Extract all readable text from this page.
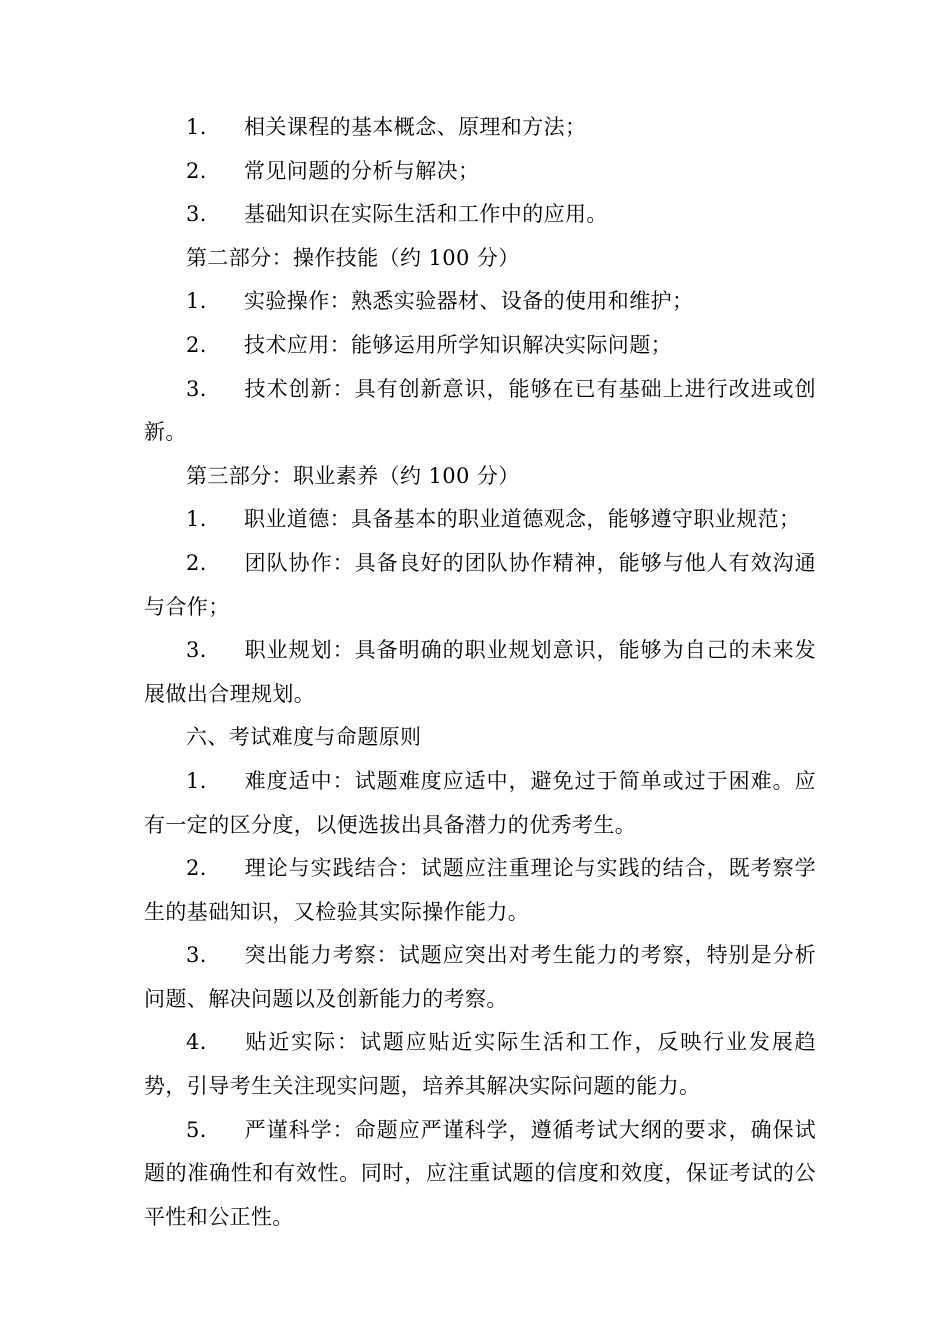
1. 相关课程的基本概念、原理和方法；

2. 常见问题的分析与解决；

3. 基础知识在实际生活和工作中的应用。

第二部分：操作技能（约 100 分）

1. 实验操作：熟悉实验器材、设备的使用和维护；

2. 技术应用：能够运用所学知识解决实际问题；

3. 技术创新：具有创新意识，能够在已有基础上进行改进或创新。

第三部分：职业素养（约 100 分）

1. 职业道德：具备基本的职业道德观念，能够遵守职业规范；

2. 团队协作：具备良好的团队协作精神，能够与他人有效沟通与合作；

3. 职业规划：具备明确的职业规划意识，能够为自己的未来发展做出合理规划。

六、考试难度与命题原则

1. 难度适中：试题难度应适中，避免过于简单或过于困难。应有一定的区分度，以便选拔出具备潜力的优秀考生。

2. 理论与实践结合：试题应注重理论与实践的结合，既考察学生的基础知识，又检验其实际操作能力。

3. 突出能力考察：试题应突出对考生能力的考察，特别是分析问题、解决问题以及创新能力的考察。

4. 贴近实际：试题应贴近实际生活和工作，反映行业发展趋势，引导考生关注现实问题，培养其解决实际问题的能力。

5. 严谨科学：命题应严谨科学，遵循考试大纲的要求，确保试题的准确性和有效性。同时，应注重试题的信度和效度，保证考试的公平性和公正性。
